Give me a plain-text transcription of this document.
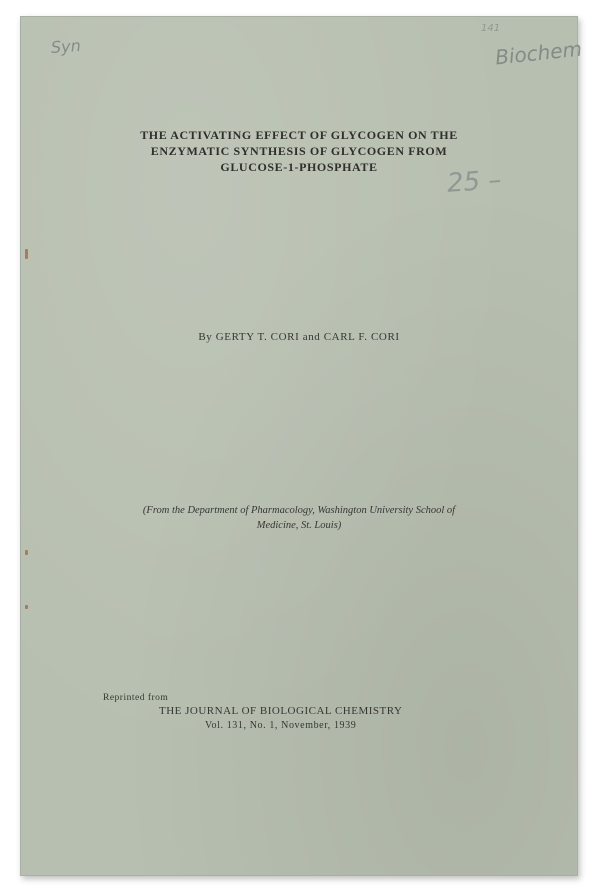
Syn
141
Biochem
25 –
THE ACTIVATING EFFECT OF GLYCOGEN ON THE
ENZYMATIC SYNTHESIS OF GLYCOGEN FROM
GLUCOSE-1-PHOSPHATE
By GERTY T. CORI and CARL F. CORI
(From the Department of Pharmacology, Washington University School of
Medicine, St. Louis)
Reprinted from
THE JOURNAL OF BIOLOGICAL CHEMISTRY
Vol. 131, No. 1, November, 1939
